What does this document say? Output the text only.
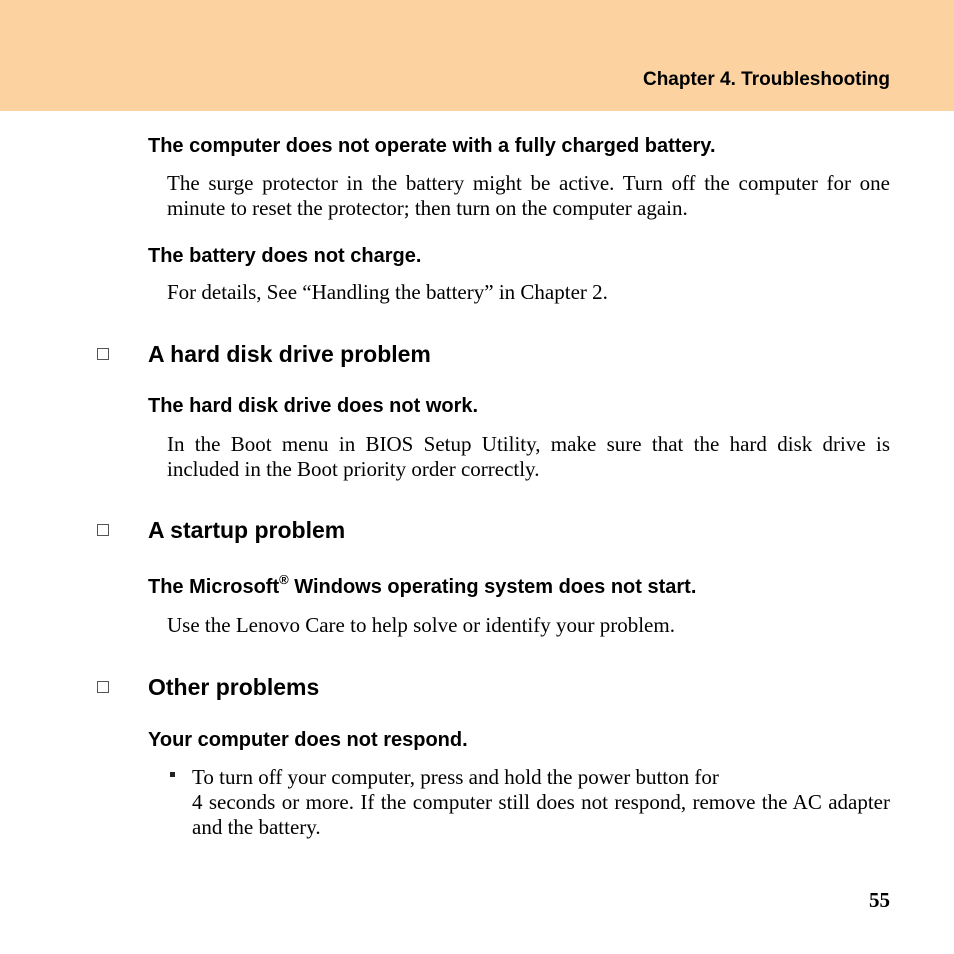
Chapter 4. Troubleshooting
The computer does not operate with a fully charged battery.
The surge protector in the battery might be active. Turn off the computer for one minute to reset the protector; then turn on the computer again.
The battery does not charge.
For details, See “Handling the battery” in Chapter 2.
A hard disk drive problem
The hard disk drive does not work.
In the Boot menu in BIOS Setup Utility, make sure that the hard disk drive is included in the Boot priority order correctly.
A startup problem
The Microsoft® Windows operating system does not start.
Use the Lenovo Care to help solve or identify your problem.
Other problems
Your computer does not respond.
To turn off your computer, press and hold the power button for
4 seconds or more. If the computer still does not respond, remove the AC adapter and the battery.
55
